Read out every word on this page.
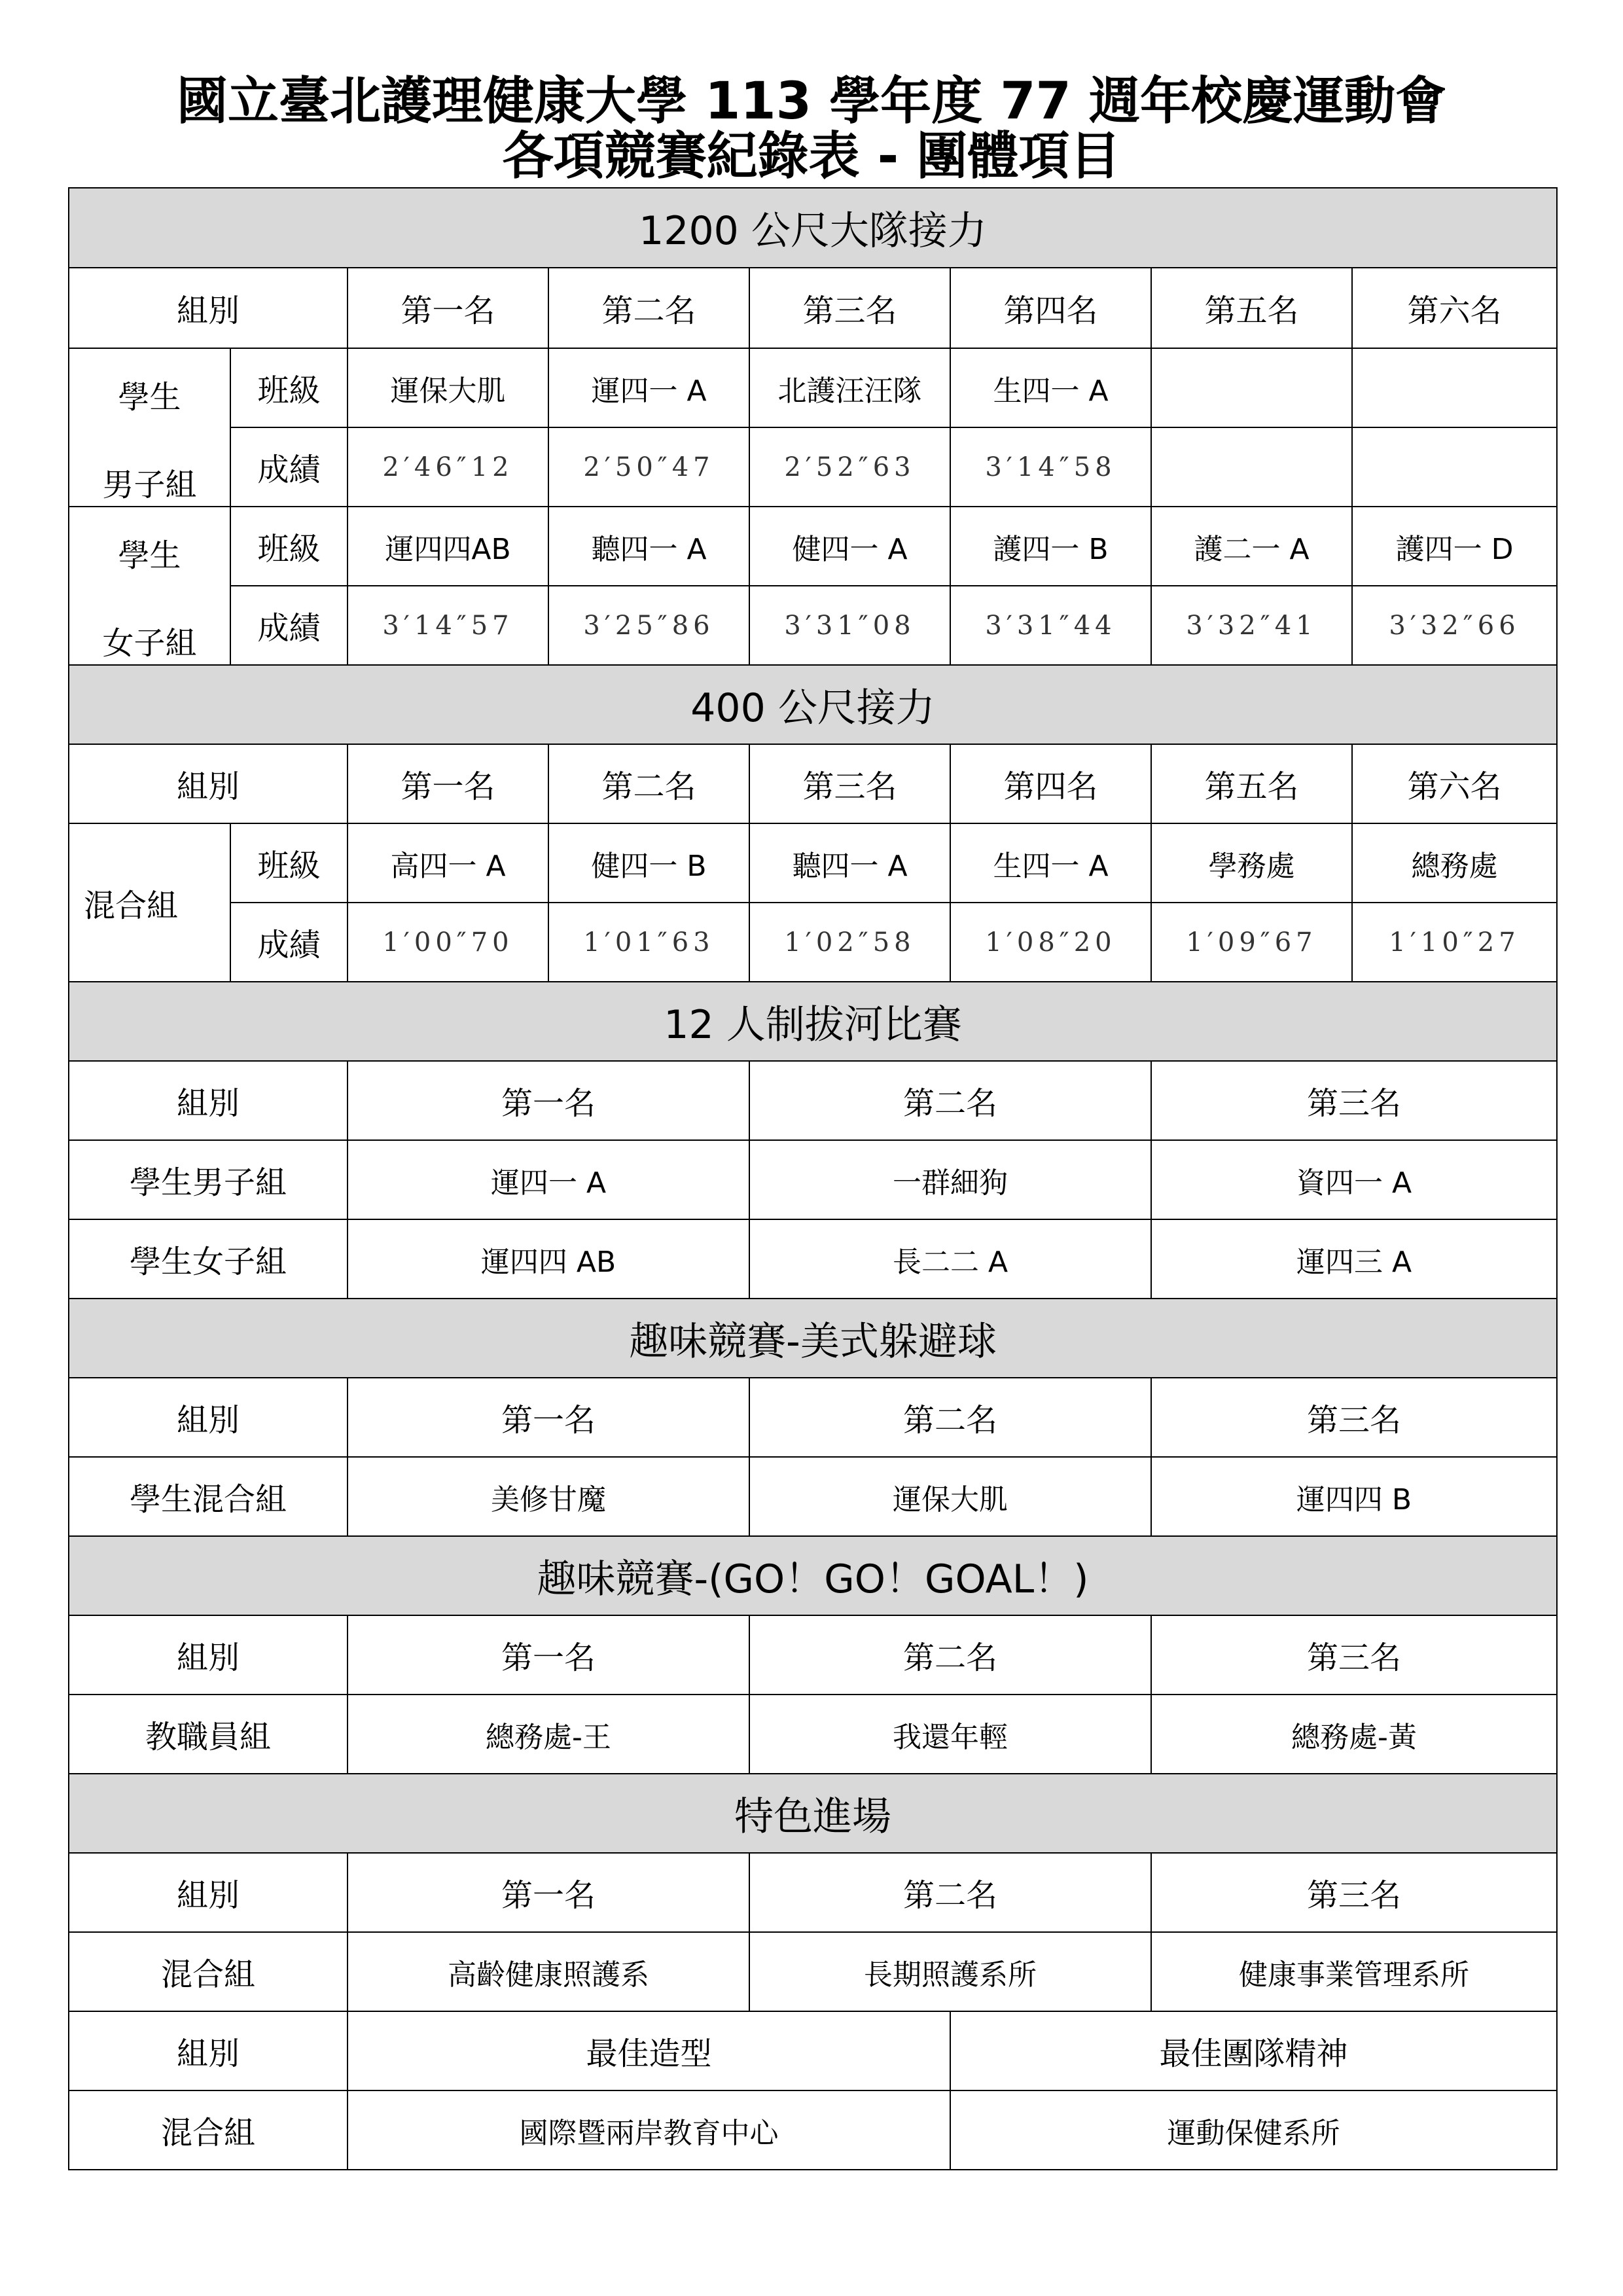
國立臺北護理健康大學 113 學年度 77 週年校慶運動會
各項競賽紀錄表 - 團體項目
1200 公尺大隊接力							
組別		第一名	第二名	第三名	第四名	第五名	第六名

學生
男子組	班級	運保大肌	運四一 A	北護汪汪隊	生四一 A		
	成績	2′46″12	2′50″47	2′52″63	3′14″58		

學生
女子組	班級	運四四AB	聽四一 A	健四一 A	護四一 B	護二一 A	護四一 D
	成績	3′14″57	3′25″86	3′31″08	3′31″44	3′32″41	3′32″66
400 公尺接力							
組別		第一名	第二名	第三名	第四名	第五名	第六名
混合組	班級	高四一 A	健四一 B	聽四一 A	生四一 A	學務處	總務處
	成績	1′00″70	1′01″63	1′02″58	1′08″20	1′09″67	1′10″27
12 人制拔河比賽							
組別		第一名		第二名		第三名	
學生男子組		運四一 A		一群細狗		資四一 A	
學生女子組		運四四 AB		長二二 A		運四三 A	
趣味競賽-美式躲避球							
組別		第一名		第二名		第三名	
學生混合組		美修甘魔		運保大肌		運四四 B	
趣味競賽-(GO！GO！GOAL！)							
組別		第一名		第二名		第三名	
教職員組		總務處-王		我還年輕		總務處-黃	
特色進場							
組別		第一名		第二名		第三名	
混合組		高齡健康照護系		長期照護系所		健康事業管理系所	
組別		最佳造型			最佳團隊精神		
混合組		國際暨兩岸教育中心			運動保健系所		
